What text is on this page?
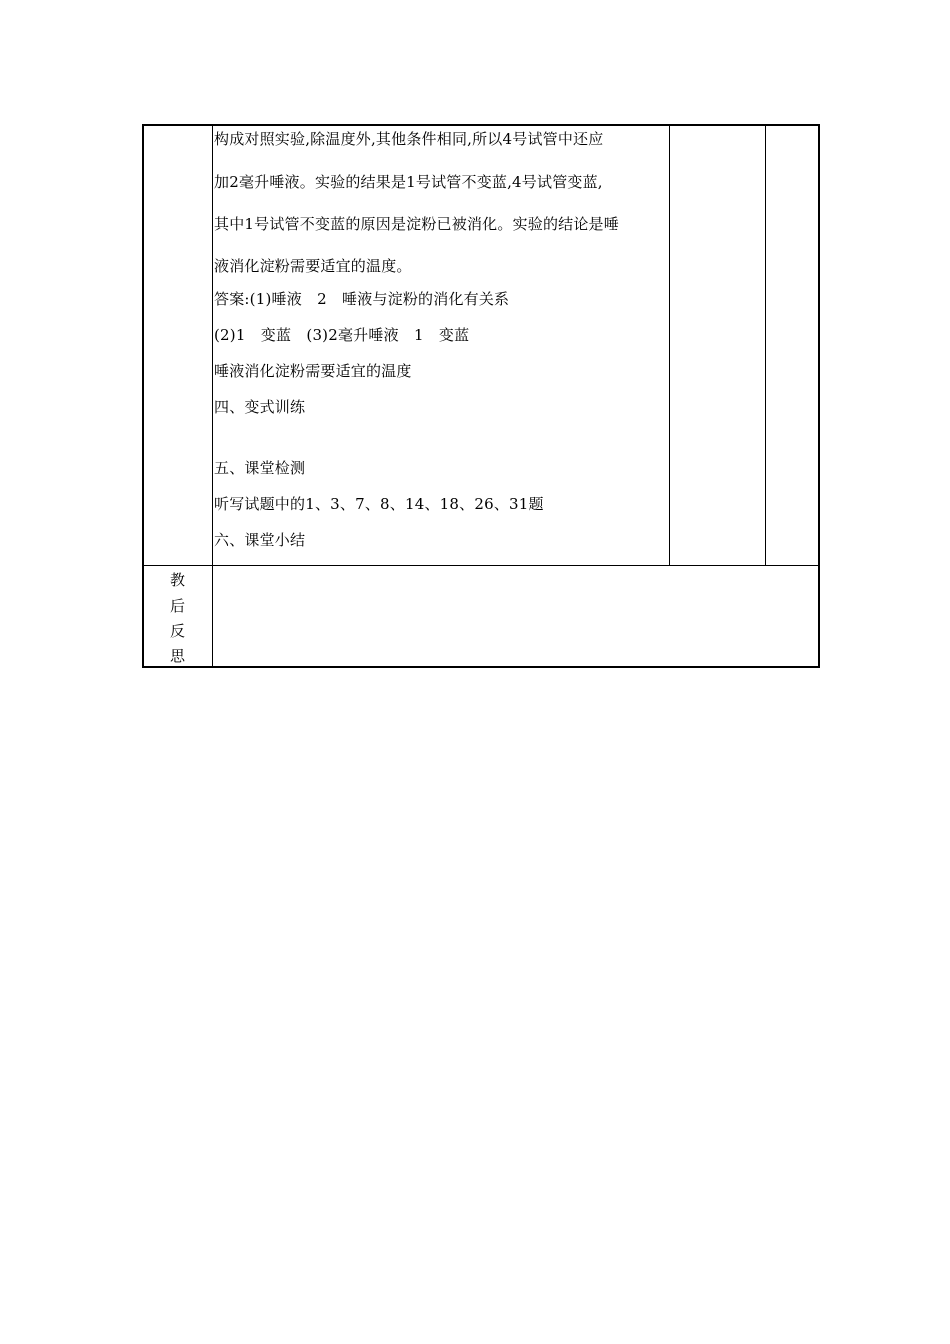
构成对照实验,除温度外,其他条件相同,所以4号试管中还应
加2毫升唾液。实验的结果是1号试管不变蓝,4号试管变蓝,
其中1号试管不变蓝的原因是淀粉已被消化。实验的结论是唾
液消化淀粉需要适宜的温度。
答案:(1)唾液　2　唾液与淀粉的消化有关系
(2)1　变蓝　(3)2毫升唾液　1　变蓝
唾液消化淀粉需要适宜的温度
四、变式训练
五、课堂检测
听写试题中的1、3、7、8、14、18、26、31题
六、课堂小结
教
后
反
思
